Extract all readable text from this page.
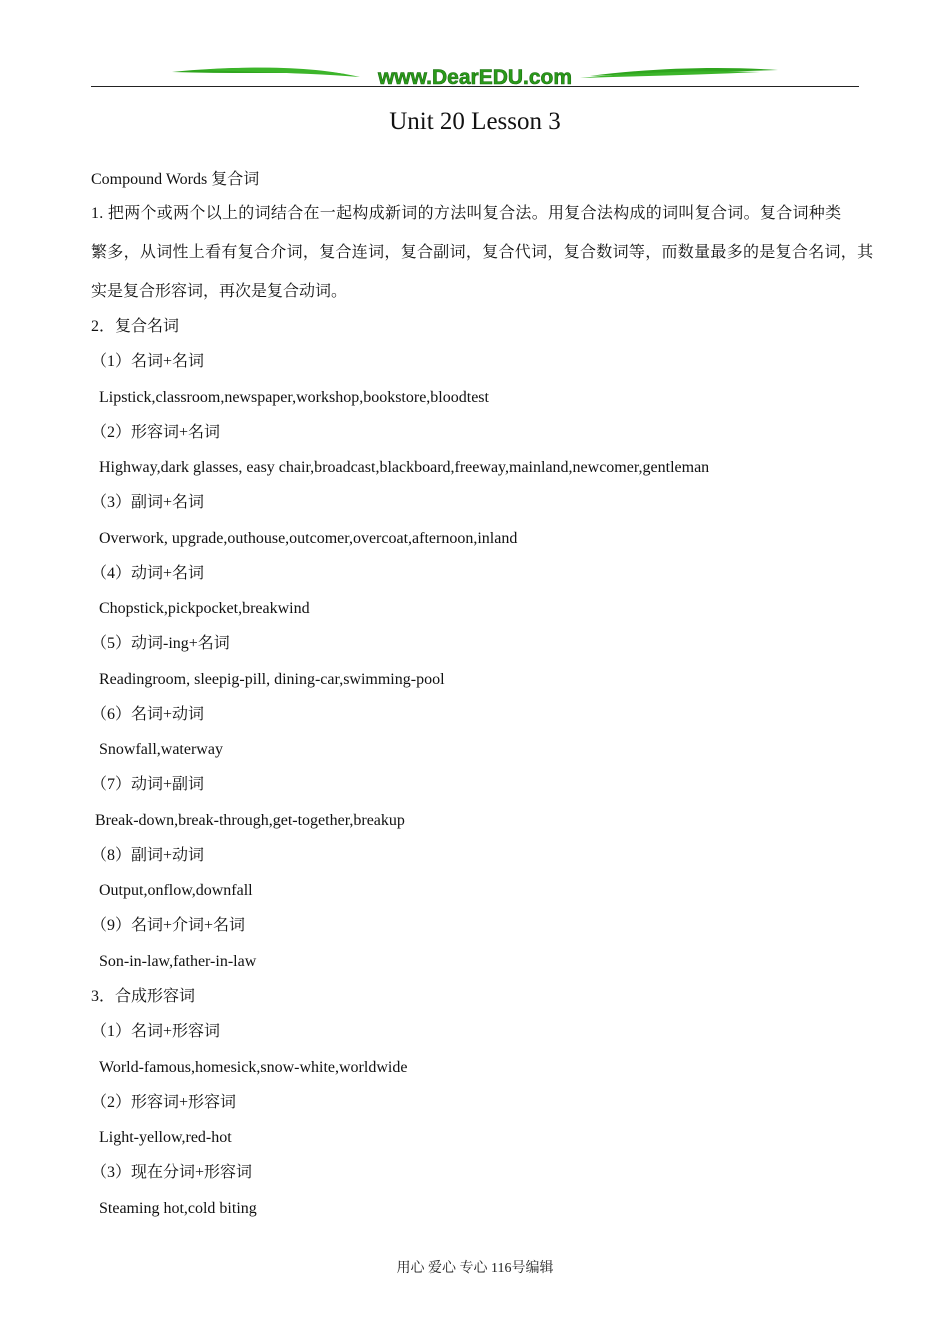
www.DearEDU.com
Unit 20 Lesson 3
Compound Words 复合词
1. 把两个或两个以上的词结合在一起构成新词的方法叫复合法。用复合法构成的词叫复合词。复合词种类
繁多，从词性上看有复合介词，复合连词，复合副词，复合代词，复合数词等，而数量最多的是复合名词，其
实是复合形容词，再次是复合动词。
2．复合名词
（1）名词+名词
Lipstick,classroom,newspaper,workshop,bookstore,bloodtest
（2）形容词+名词
Highway,dark glasses, easy chair,broadcast,blackboard,freeway,mainland,newcomer,gentleman
（3）副词+名词
Overwork, upgrade,outhouse,outcomer,overcoat,afternoon,inland
（4）动词+名词
Chopstick,pickpocket,breakwind
（5）动词-ing+名词
Readingroom, sleepig-pill, dining-car,swimming-pool
（6）名词+动词
Snowfall,waterway
（7）动词+副词
Break-down,break-through,get-together,breakup
（8）副词+动词
Output,onflow,downfall
（9）名词+介词+名词
Son-in-law,father-in-law
3．合成形容词
（1）名词+形容词
World-famous,homesick,snow-white,worldwide
（2）形容词+形容词
Light-yellow,red-hot
（3）现在分词+形容词
Steaming hot,cold biting
用心 爱心 专心 116号编辑
